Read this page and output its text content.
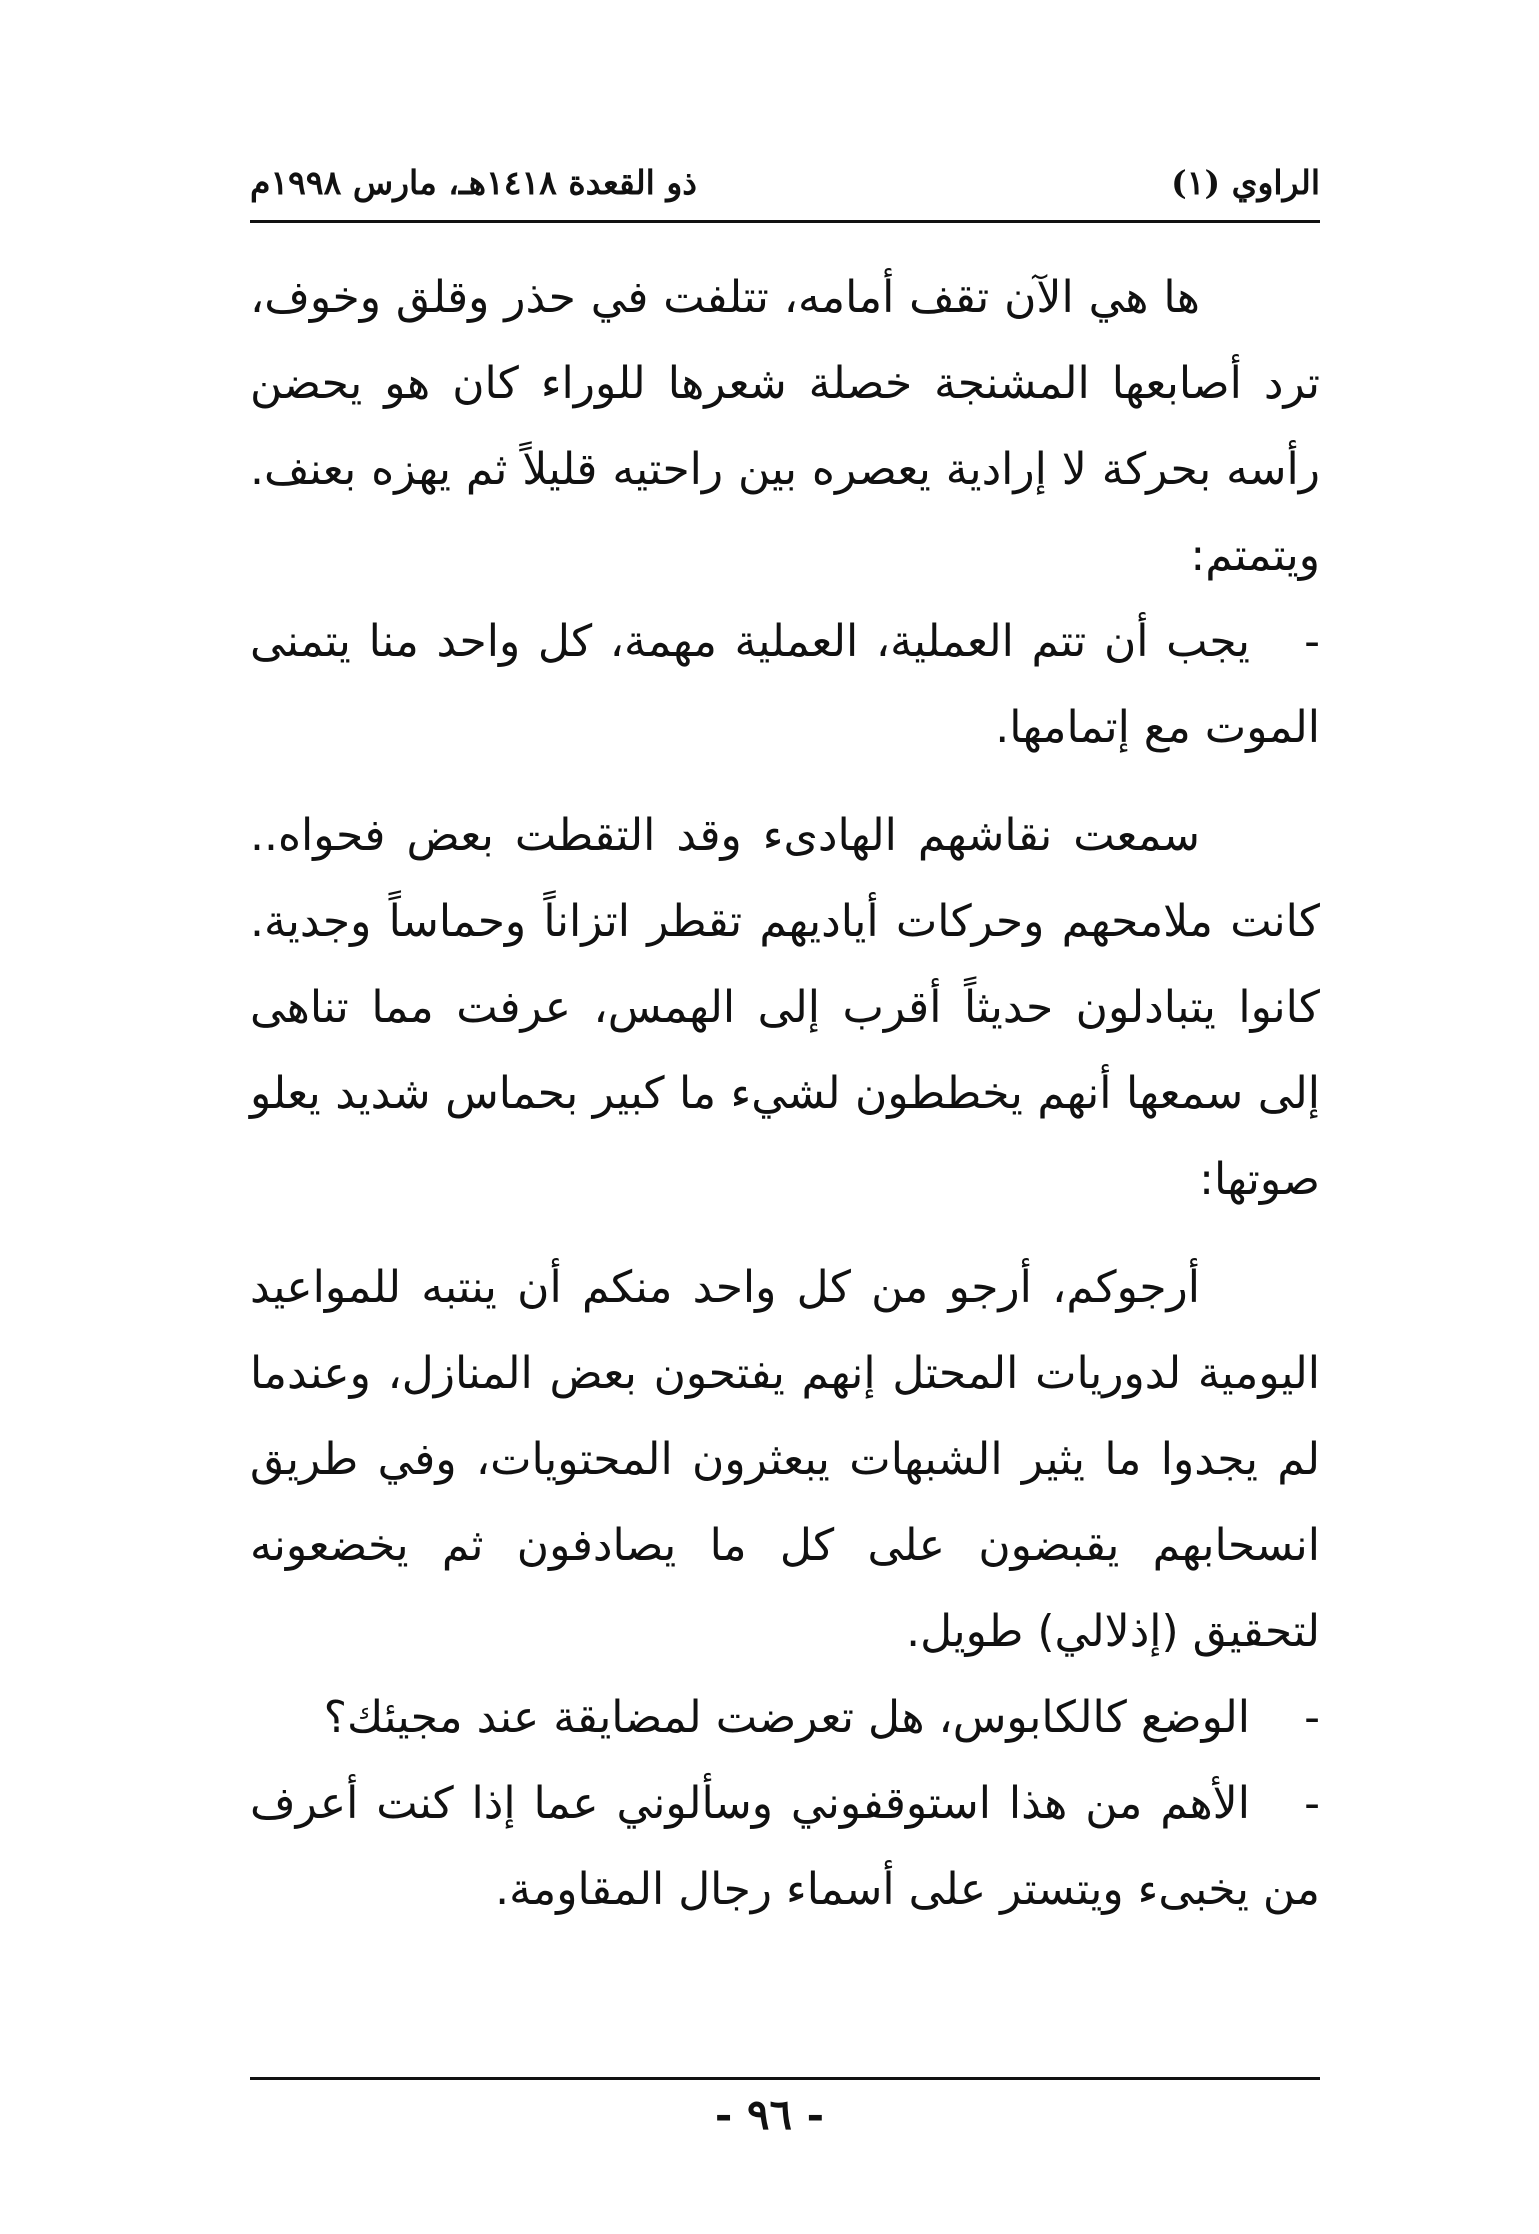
الراوي (١)
ذو القعدة ١٤١٨هـ، مارس ١٩٩٨م

ها هي الآن تقف أمامه، تتلفت في حذر وقلق وخوف، ترد أصابعها المشنجة خصلة شعرها للوراء كان هو يحضن رأسه بحركة لا إرادية يعصره بين راحتيه قليلاً ثم يهزه بعنف. ويتمتم:

-يجب أن تتم العملية، العملية مهمة، كل واحد منا يتمنى الموت مع إتمامها.

سمعت نقاشهم الهادىء وقد التقطت بعض فحواه.. كانت ملامحهم وحركات أياديهم تقطر اتزاناً وحماساً وجدية. كانوا يتبادلون حديثاً أقرب إلى الهمس، عرفت مما تناهى إلى سمعها أنهم يخططون لشيء ما كبير بحماس شديد يعلو صوتها:

أرجوكم، أرجو من كل واحد منكم أن ينتبه للمواعيد اليومية لدوريات المحتل إنهم يفتحون بعض المنازل، وعندما لم يجدوا ما يثير الشبهات يبعثرون المحتويات، وفي طريق انسحابهم يقبضون على كل ما يصادفون ثم يخضعونه لتحقيق (إذلالي) طويل.

-الوضع كالكابوس، هل تعرضت لمضايقة عند مجيئك؟

-الأهم من هذا استوقفوني وسألوني عما إذا كنت أعرف من يخبىء ويتستر على أسماء رجال المقاومة.

- ٩٦ -
